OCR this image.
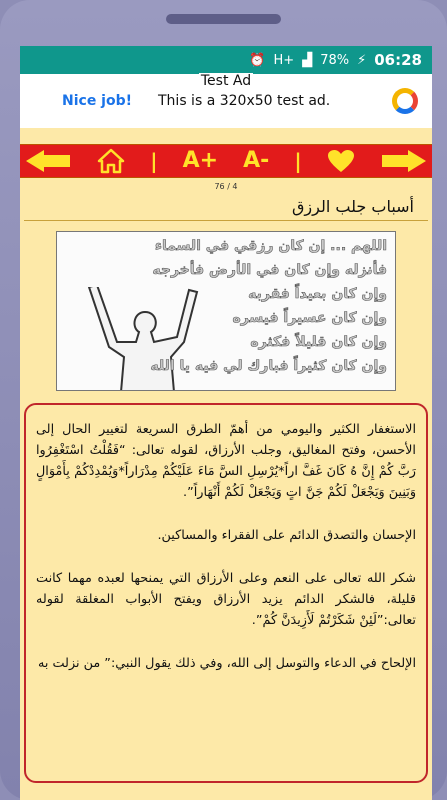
⏰ H+ ▟ 78% ⚡ 06:28
Test Ad
Nice job!	This is a 320x50 test ad.
| A+ A- |
76 / 4
أسباب جلب الرزق
اللهم ... إن كان رزقي في السماء
فأنزله وإن كان في الأرض فأخرجه
وإن كان بعيداً فقربه
وإن كان عسيراً فيسره
وإن كان قليلاً فكثره
وإن كان كثيراً فبارك لي فيه يا الله

الاستغفار الكثير واليومي من أهمّ الطرق السريعة لتغيير الحال إلى الأحسن، وفتح المغاليق، وجلب الأرزاق، لقوله تعالى: “فَقُلْتُ اسْتَغْفِرُوا رَبَّ كُمْ إِنَّ هُ كَانَ غَفَّ اراً*يُرْسِلِ السَّ مَاءَ عَلَيْكُمْ مِدْرَاراً*وَيُمْدِدْكُمْ بِأَمْوَالٍ وَبَنِينَ وَيَجْعَلْ لَكُمْ جَنَّ اتٍ وَيَجْعَلْ لَكُمْ أَنْهَاراً”.

الإحسان والتصدق الدائم على الفقراء والمساكين.

شكر الله تعالى على النعم وعلى الأرزاق التي يمنحها لعبده مهما كانت قليلة، فالشكر الدائم يزيد الأرزاق ويفتح الأبواب المغلقة لقوله تعالى:”لَئِنْ شَكَرْتُمْ لَأَزِيدَنَّ كُمْ”.

الإلحاح في الدعاء والتوسل إلى الله، وفي ذلك يقول النبي:” من نزلت به
